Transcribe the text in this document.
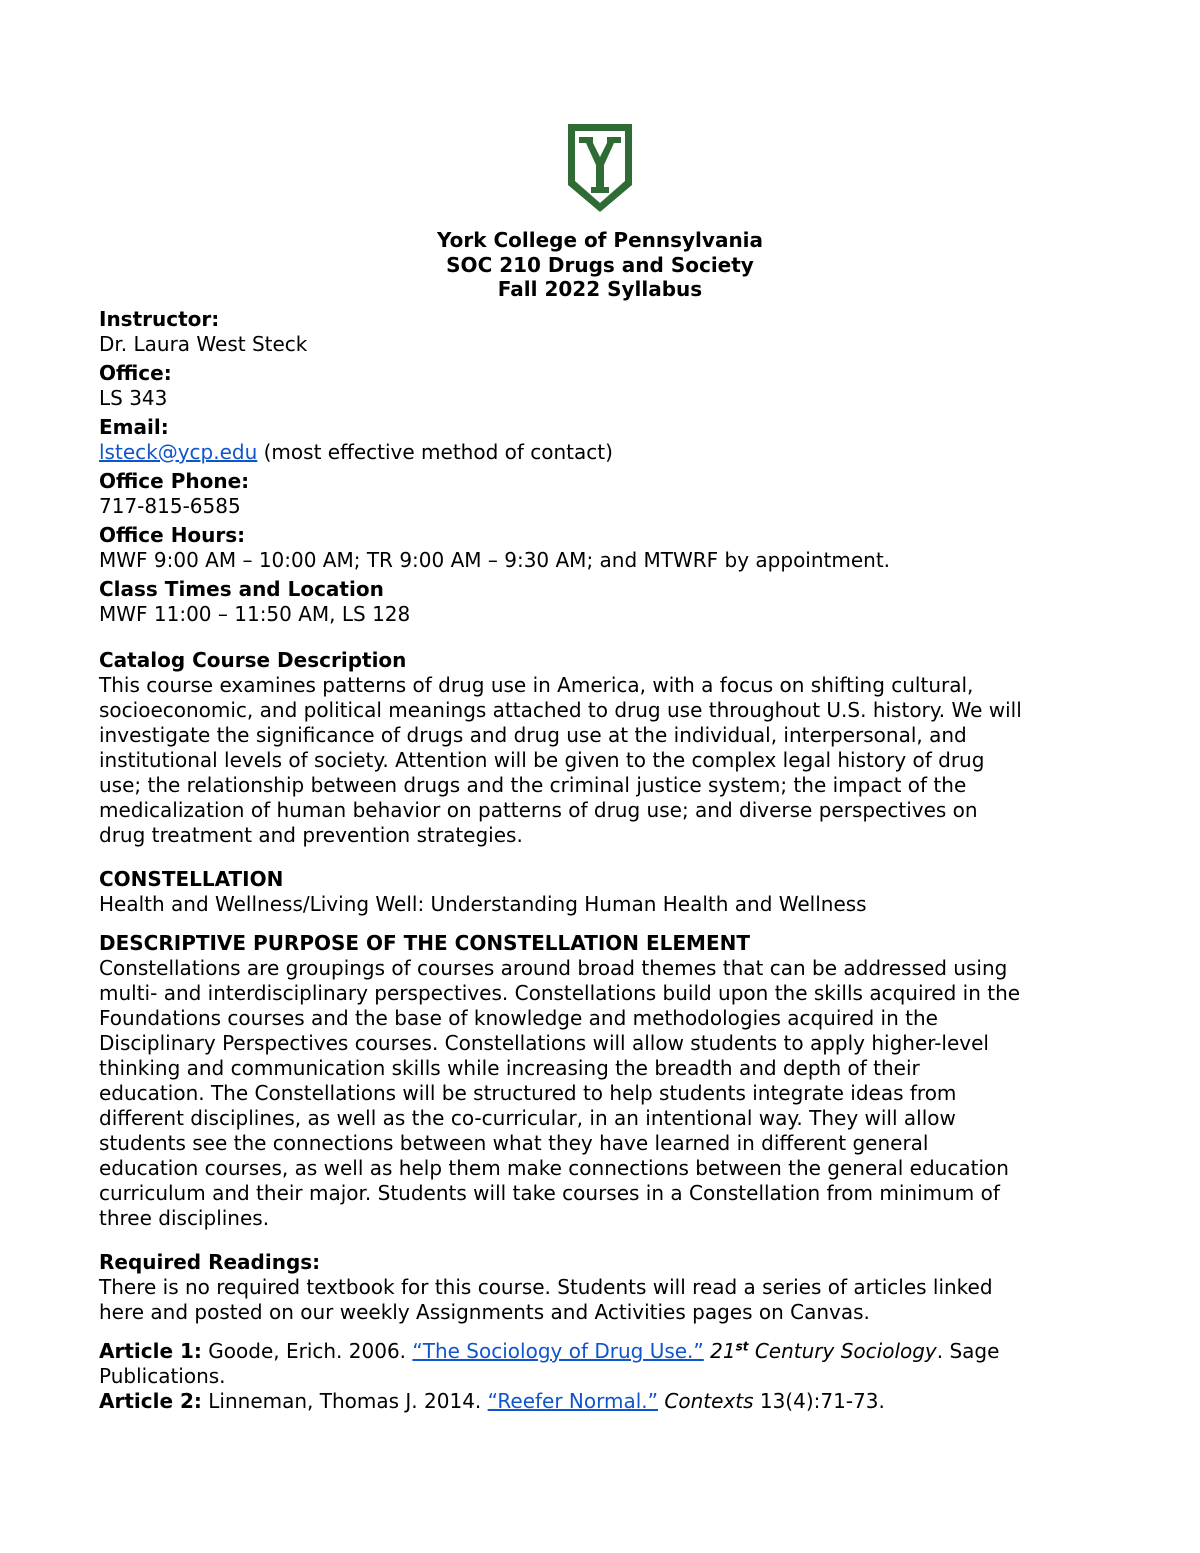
York College of Pennsylvania
SOC 210 Drugs and Society
Fall 2022 Syllabus

Instructor:

Dr. Laura West Steck

Office:

LS 343

Email:

lsteck@ycp.edu (most effective method of contact)

Office Phone:

717-815-6585

Office Hours:

MWF 9:00 AM – 10:00 AM; TR 9:00 AM – 9:30 AM; and MTWRF by appointment.

Class Times and Location

MWF 11:00 – 11:50 AM, LS 128

Catalog Course Description

This course examines patterns of drug use in America, with a focus on shifting cultural,

socioeconomic, and political meanings attached to drug use throughout U.S. history. We will

investigate the significance of drugs and drug use at the individual, interpersonal, and

institutional levels of society. Attention will be given to the complex legal history of drug

use; the relationship between drugs and the criminal justice system; the impact of the

medicalization of human behavior on patterns of drug use; and diverse perspectives on

drug treatment and prevention strategies.

CONSTELLATION

Health and Wellness/Living Well: Understanding Human Health and Wellness

DESCRIPTIVE PURPOSE OF THE CONSTELLATION ELEMENT

Constellations are groupings of courses around broad themes that can be addressed using

multi- and interdisciplinary perspectives. Constellations build upon the skills acquired in the

Foundations courses and the base of knowledge and methodologies acquired in the

Disciplinary Perspectives courses. Constellations will allow students to apply higher-level

thinking and communication skills while increasing the breadth and depth of their

education. The Constellations will be structured to help students integrate ideas from

different disciplines, as well as the co-curricular, in an intentional way. They will allow

students see the connections between what they have learned in different general

education courses, as well as help them make connections between the general education

curriculum and their major. Students will take courses in a Constellation from minimum of

three disciplines.

Required Readings:

There is no required textbook for this course. Students will read a series of articles linked

here and posted on our weekly Assignments and Activities pages on Canvas.

Article 1: Goode, Erich. 2006. “The Sociology of Drug Use.” 21st Century Sociology. Sage

Publications.

Article 2: Linneman, Thomas J. 2014. “Reefer Normal.” Contexts 13(4):71-73.
